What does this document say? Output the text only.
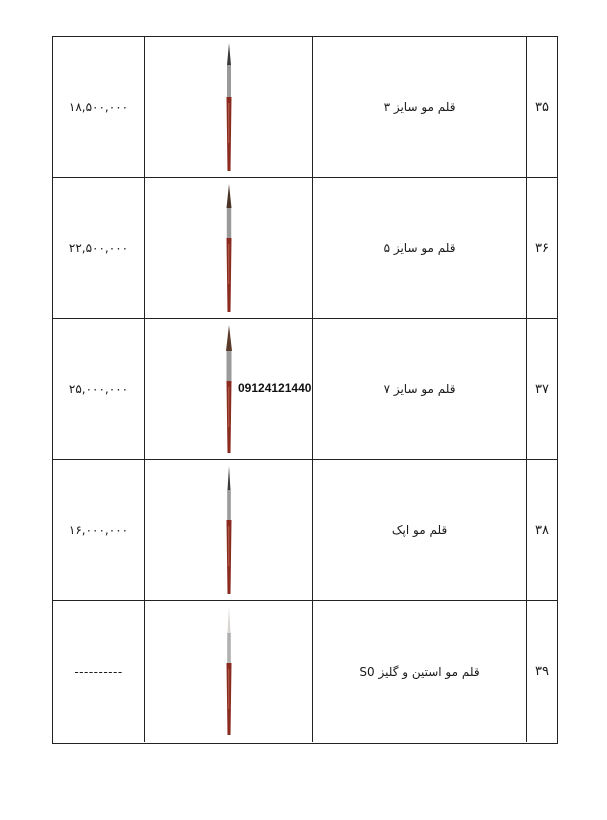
۱۸,۵۰۰,۰۰۰	قلم مو سایز ۳	۳۵
۲۲,۵۰۰,۰۰۰	قلم مو سایز ۵	۳۶
۲۵,۰۰۰,۰۰۰	09124121440	قلم مو سایز ۷	۳۷
۱۶,۰۰۰,۰۰۰	قلم مو اپک	۳۸
----------	قلم مو استین و گلیز S0	۳۹
